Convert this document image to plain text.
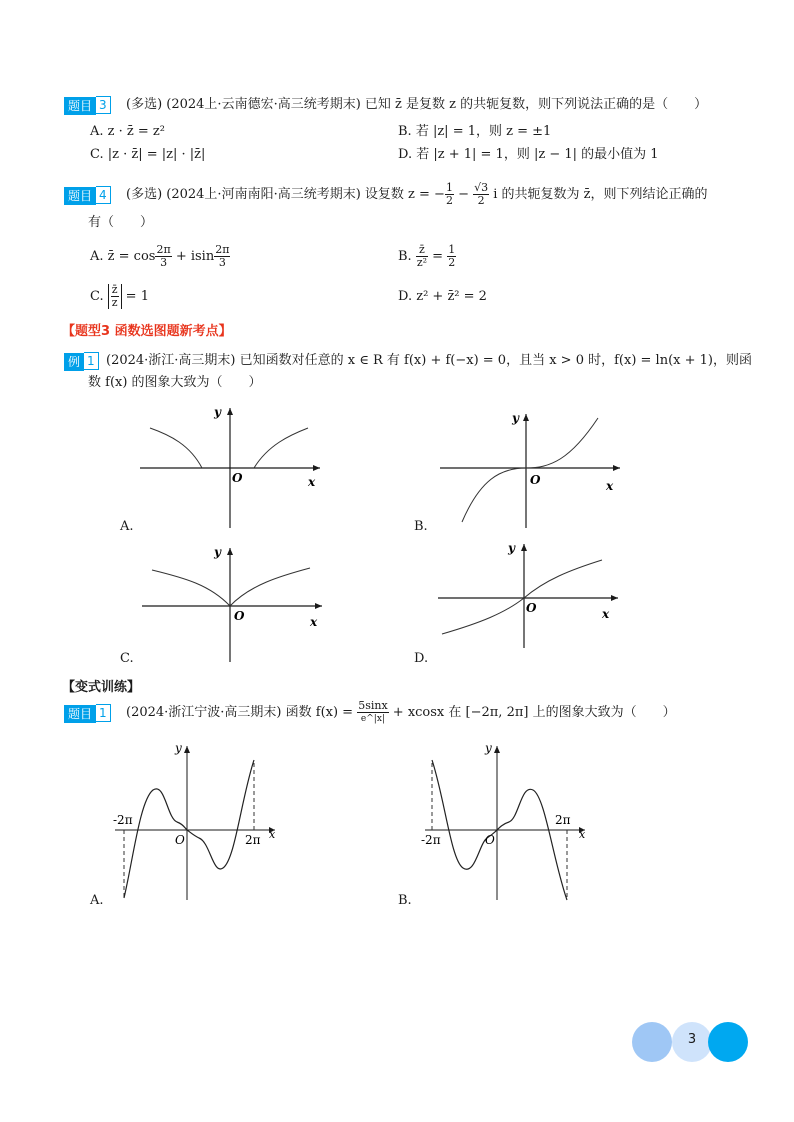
题目 3	(多选) (2024上·云南德宏·高三统考期末) 已知 z̄ 是复数 z 的共轭复数，则下列说法正确的是（　　）
A. z · z̄ = z²	B. 若 |z| = 1，则 z = ±1
C. |z · z̄| = |z| · |z̄|	D. 若 |z + 1| = 1，则 |z − 1| 的最小值为 1
题目 4	(多选) (2024上·河南南阳·高三统考期末) 设复数 z = − $\frac{1}{2} - \frac{√3}{2}$ i 的共轭复数为 z̄，则下列结论正确的
有（　　）
A. z̄ = $\cos \frac{2\pi}{3} + isin \frac{2\pi}{3}$	B. $\frac{z̄}{\text{z²}} = \frac{1}{2}$
C. $\frac{z̄}{z} = 1$	D. z² + z̄² = 2
【题型3 函数选图题新考点】
例 1 (2024·浙江·高三期末) 已知函数对任意的 x ∈ R 有 f(x) + f(−x) = 0，且当 x > 0 时，f(x) = ln(x + 1)，则函
数 f(x) 的图象大致为（　　）
y
O	x
A.
y
O	x
B.
y
O	x
C.
y
O	x
D.
【变式训练】
题目 1	(2024·浙江宁波·高三期末) 函数 $f(x) = \frac{5\sin x}{e\^{}|x|} + xcosx$ 在 [−2π, 2π] 上的图象大致为（　　）
y
-2π
O	2π x
A.
y
-2π	O
2π
x
B.
3
